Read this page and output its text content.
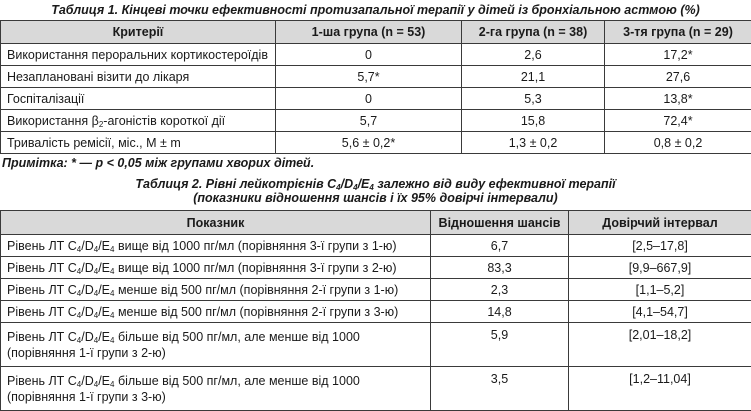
Таблиця 1. Кінцеві точки ефективності протизапальної терапії у дітей із бронхіальною астмою (%)
Критерії	1-ша група (n = 53)	2-га група (n = 38)	3-тя група (n = 29)
Використання пероральних кортикостероїдів	0	2,6	17,2*
Незаплановані візити до лікаря	5,7*	21,1	27,6
Госпіталізації	0	5,3	13,8*
Використання $\beta_2$-агоністів короткої дії	5,7	15,8	72,4*
Тривалість ремісії, міс., M ± m	5,6 ± 0,2*	1,3 ± 0,2	0,8 ± 0,2
Примітка: * — p < 0,05 між групами хворих дітей.
Таблиця 2. Рівні лейкотрієнів $C_4/D_4/E_4$ залежно від виду ефективної терапії
(показники відношення шансів і їх 95% довірчі інтервали)
Показник	Відношення шансів	Довірчий інтервал
Рівень ЛТ $C_4/D_4/E_4$ вище від 1000 пг/мл (порівняння 3-ї групи з 1-ю)	6,7	[2,5–17,8]
Рівень ЛТ $C_4/D_4/E_4$ вище від 1000 пг/мл (порівняння 3-ї групи з 2-ю)	83,3	[9,9–667,9]
Рівень ЛТ $C_4/D_4/E_4$ менше від 500 пг/мл (порівняння 2-ї групи з 1-ю)	2,3	[1,1–5,2]
Рівень ЛТ $C_4/D_4/E_4$ менше від 500 пг/мл (порівняння 2-ї групи з 3-ю)	14,8	[4,1–54,7]
Рівень ЛТ $C_4/D_4/E_4$ більше від 500 пг/мл, але менше від 1000
(порівняння 1-ї групи з 2-ю)	5,9	[2,01–18,2]
Рівень ЛТ $C_4/D_4/E_4$ більше від 500 пг/мл, але менше від 1000
(порівняння 1-ї групи з 3-ю)	3,5	[1,2–11,04]
